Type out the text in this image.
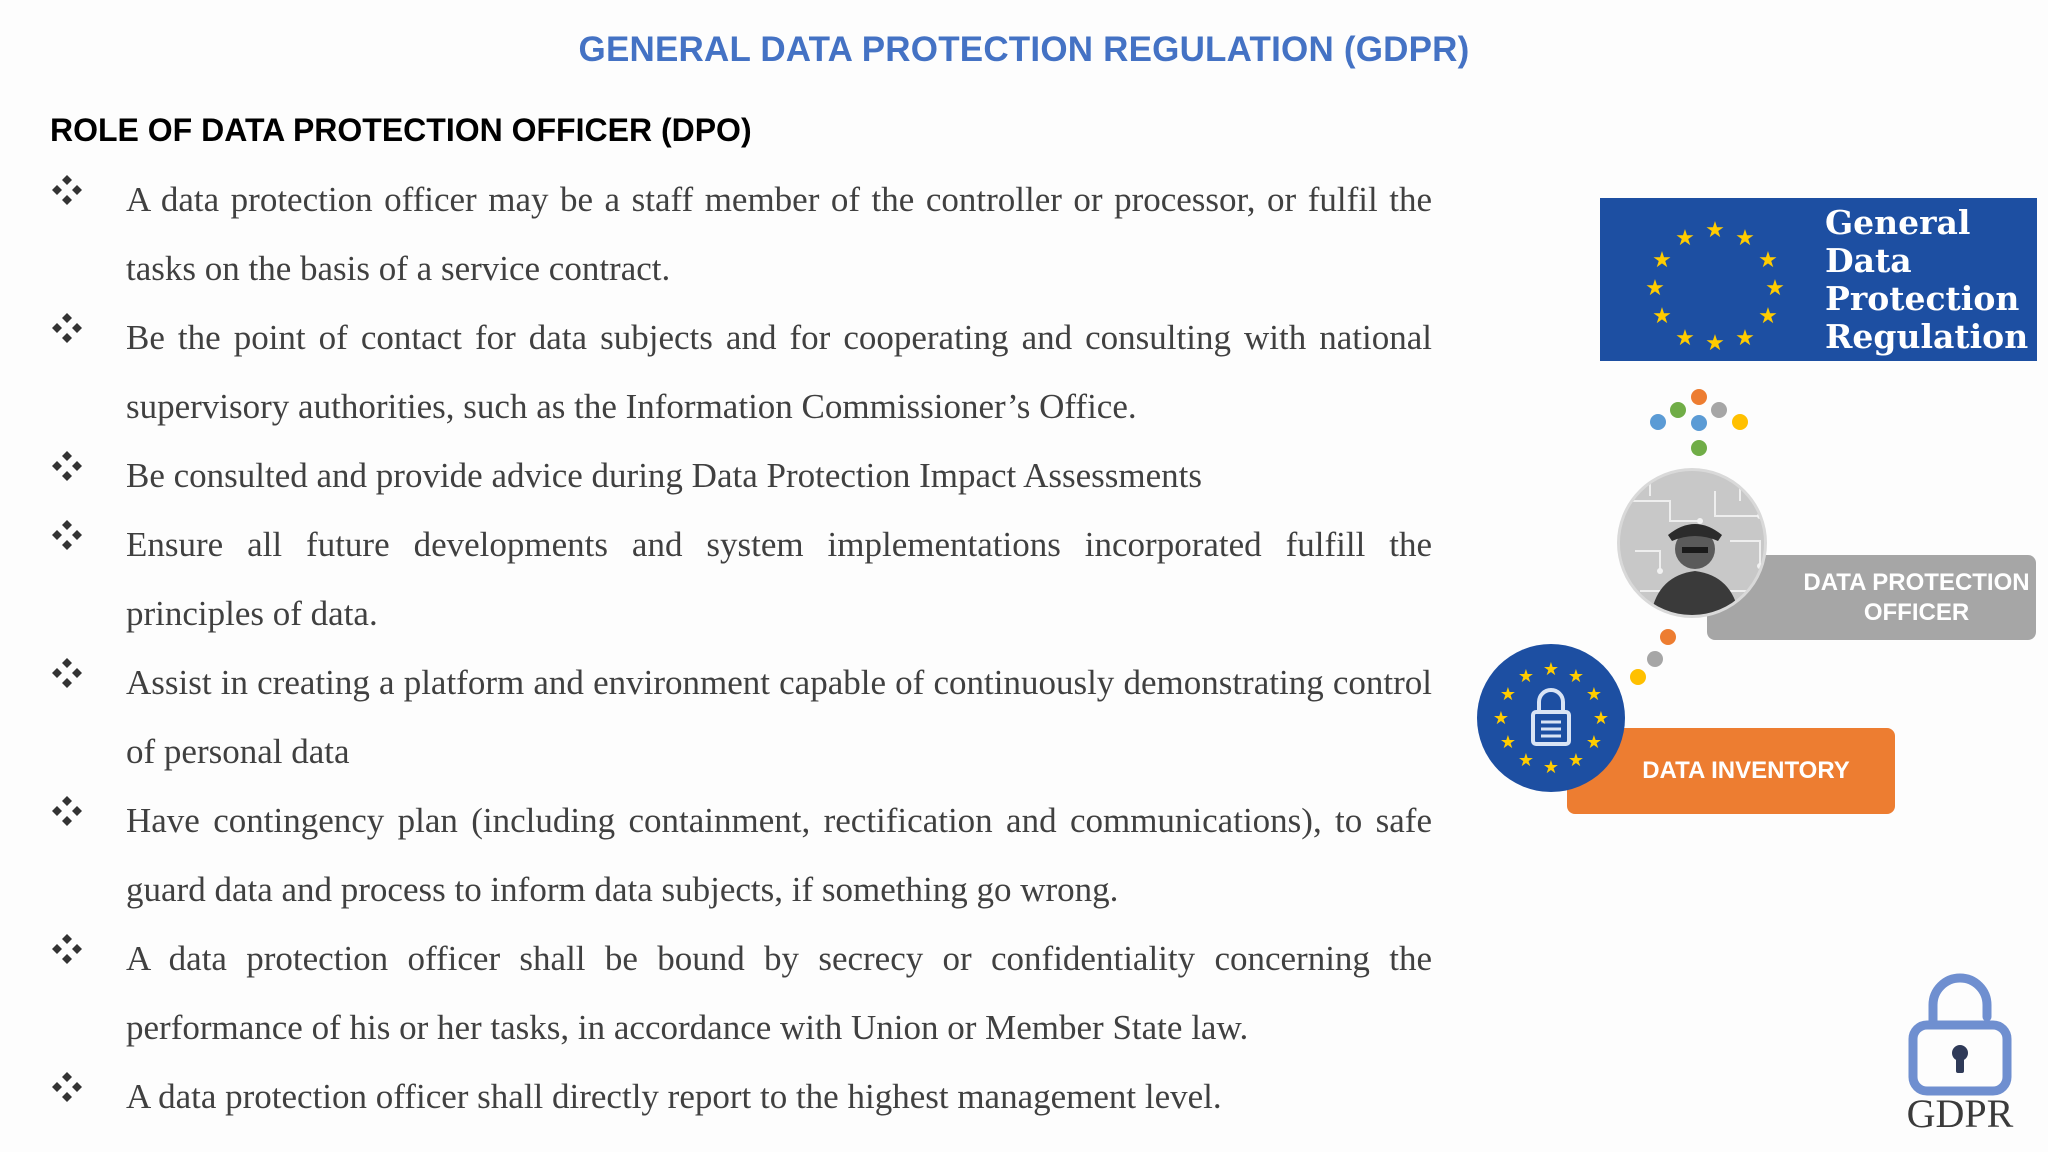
GENERAL DATA PROTECTION REGULATION (GDPR)
ROLE OF DATA PROTECTION OFFICER (DPO)
A data protection officer may be a staff member of the controller or processor, or fulfil the tasks on the basis of a service contract.
Be the point of contact for data subjects and for cooperating and consulting with national supervisory authorities, such as the Information Commissioner’s Office.
Be consulted and provide advice during Data Protection Impact Assessments
Ensure all future developments and system implementations incorporated fulfill the principles of data.
Assist in creating a platform and environment capable of continuously demonstrating control of personal data
Have contingency plan (including containment, rectification and communications), to safe guard data and process to inform data subjects, if something go wrong.
A data protection officer shall be bound by secrecy or confidentiality concerning the performance of his or her tasks, in accordance with Union or Member State law.
A data protection officer shall directly report to the highest management level.
★ ★
★
★
★
★
★
★
★
★
★
★	General
Data
Protection
Regulation
DATA PROTECTION
OFFICER
DATA INVENTORY
★ ★
★
★
★
★
★
★
★
★
★
★
GDPR
